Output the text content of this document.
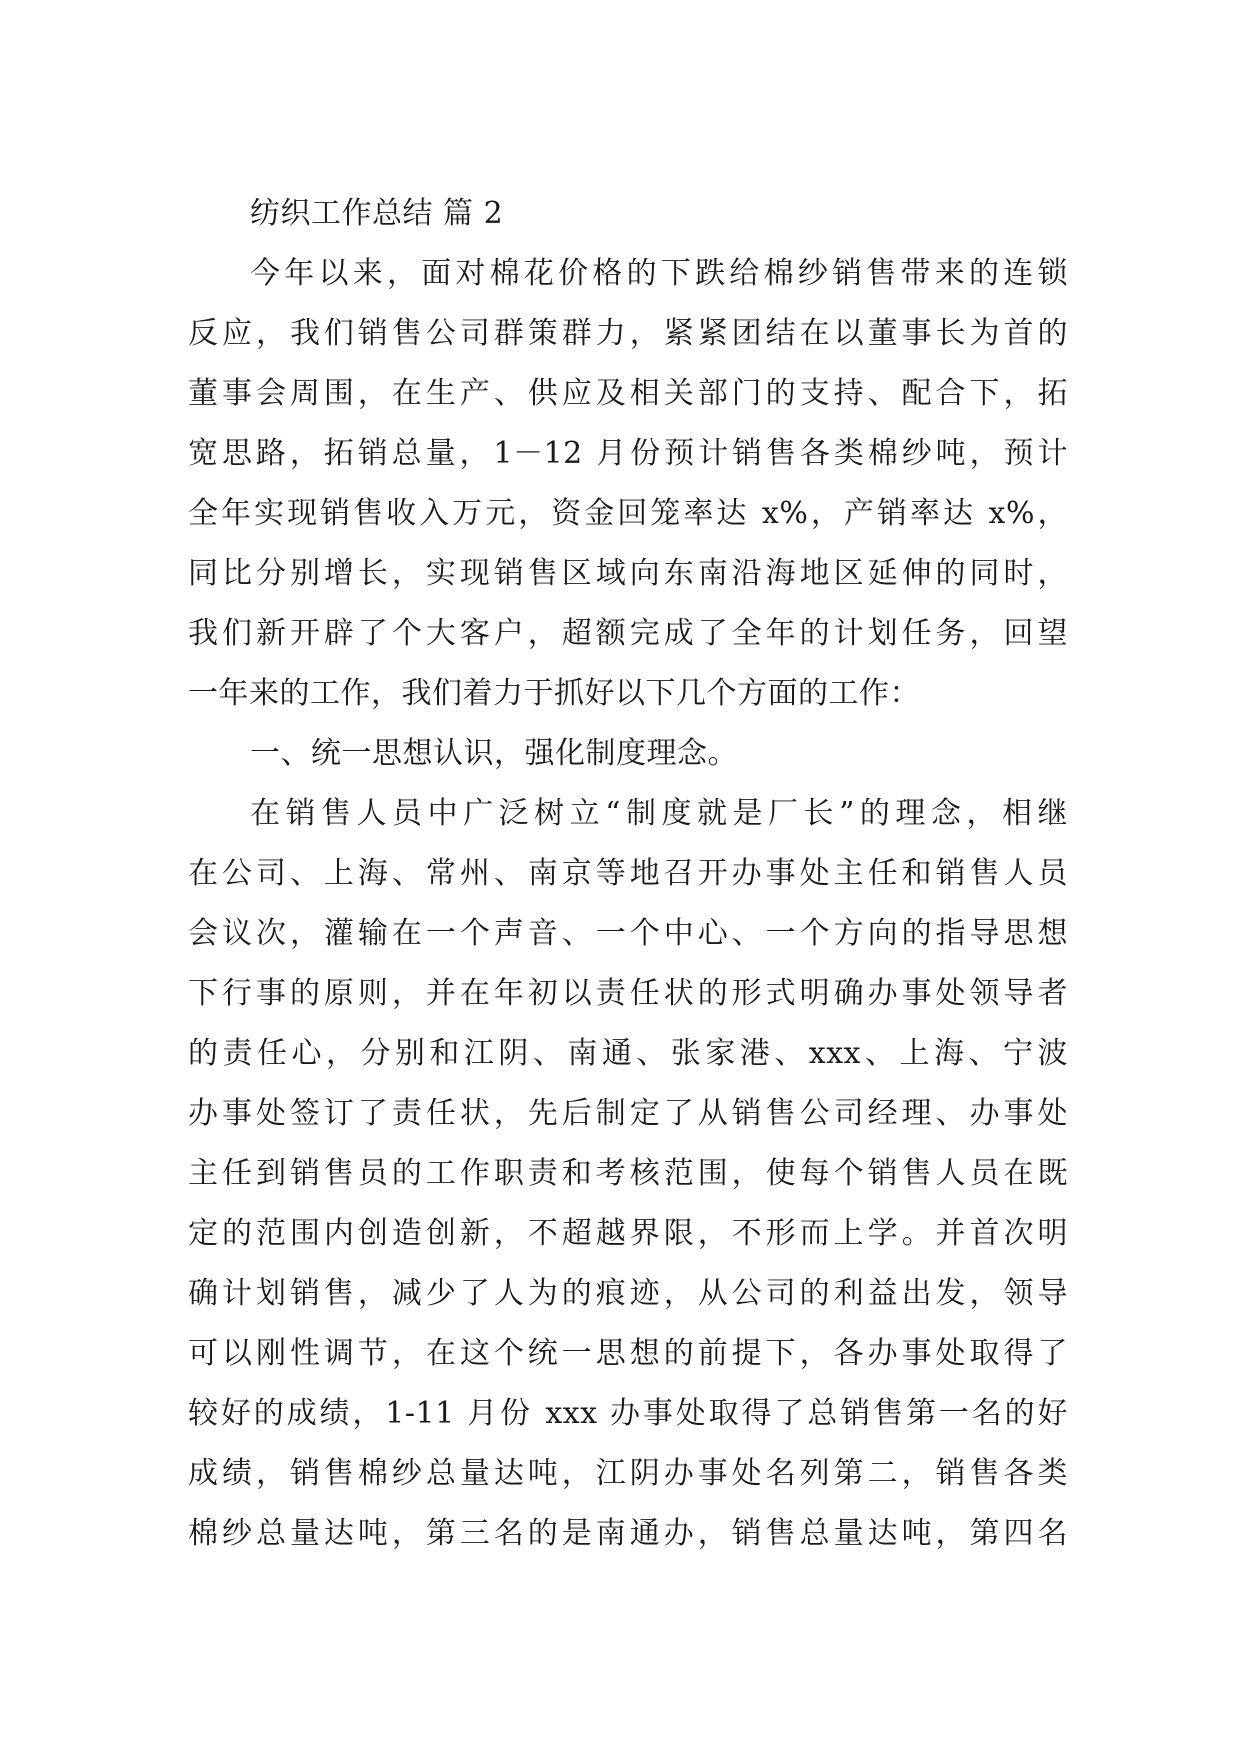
纺织工作总结 篇 2
今年以来，面对棉花价格的下跌给棉纱销售带来的连锁
反应，我们销售公司群策群力，紧紧团结在以董事长为首的
董事会周围，在生产、供应及相关部门的支持、配合下，拓
宽思路，拓销总量，1－12 月份预计销售各类棉纱吨，预计
全年实现销售收入万元，资金回笼率达 x%，产销率达 x%，
同比分别增长，实现销售区域向东南沿海地区延伸的同时，
我们新开辟了个大客户，超额完成了全年的计划任务，回望
一年来的工作，我们着力于抓好以下几个方面的工作：
一、统一思想认识，强化制度理念。
在销售人员中广泛树立“制度就是厂长”的理念，相继
在公司、上海、常州、南京等地召开办事处主任和销售人员
会议次，灌输在一个声音、一个中心、一个方向的指导思想
下行事的原则，并在年初以责任状的形式明确办事处领导者
的责任心，分别和江阴、南通、张家港、xxx、上海、宁波
办事处签订了责任状，先后制定了从销售公司经理、办事处
主任到销售员的工作职责和考核范围，使每个销售人员在既
定的范围内创造创新，不超越界限，不形而上学。并首次明
确计划销售，减少了人为的痕迹，从公司的利益出发，领导
可以刚性调节，在这个统一思想的前提下，各办事处取得了
较好的成绩，1-11 月份 xxx 办事处取得了总销售第一名的好
成绩，销售棉纱总量达吨，江阴办事处名列第二，销售各类
棉纱总量达吨，第三名的是南通办，销售总量达吨，第四名
